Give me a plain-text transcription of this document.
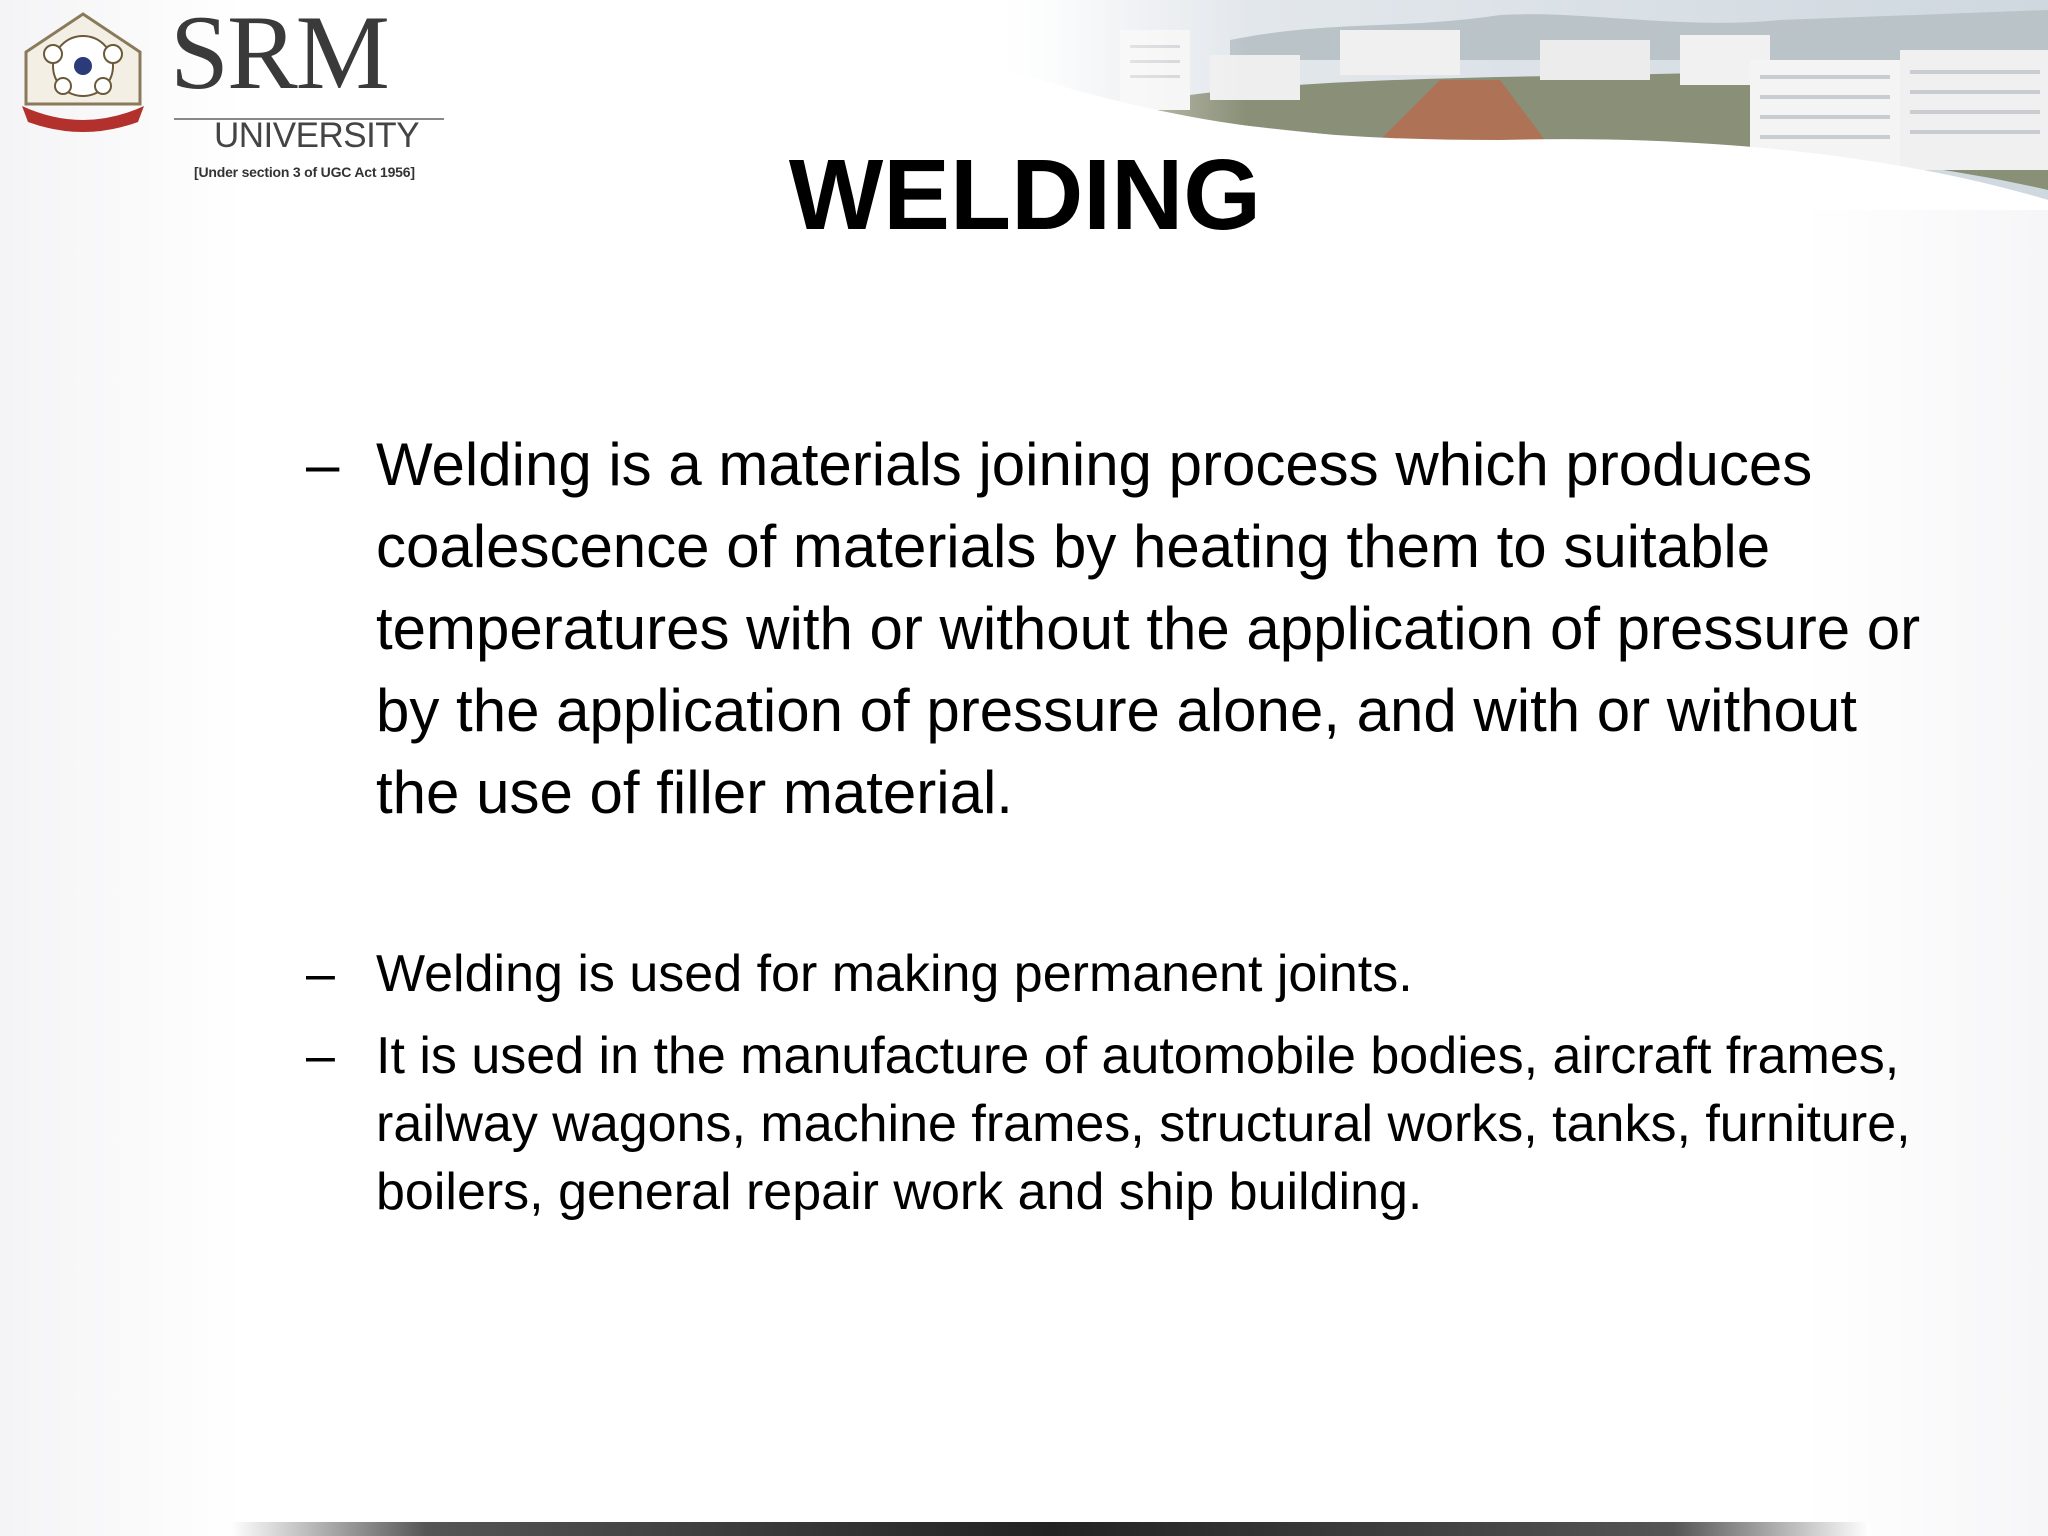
SRM
UNIVERSITY
[Under section 3 of UGC Act 1956]	WELDING
– Welding is a materials joining process which produces coalescence of materials by heating them to suitable temperatures with or without the application of pressure or by the application of pressure alone, and with or without the use of filler material.
– Welding is used for making permanent joints.
– It is used in the manufacture of automobile bodies, aircraft frames, railway wagons, machine frames, structural works, tanks, furniture, boilers, general repair work and ship building.
